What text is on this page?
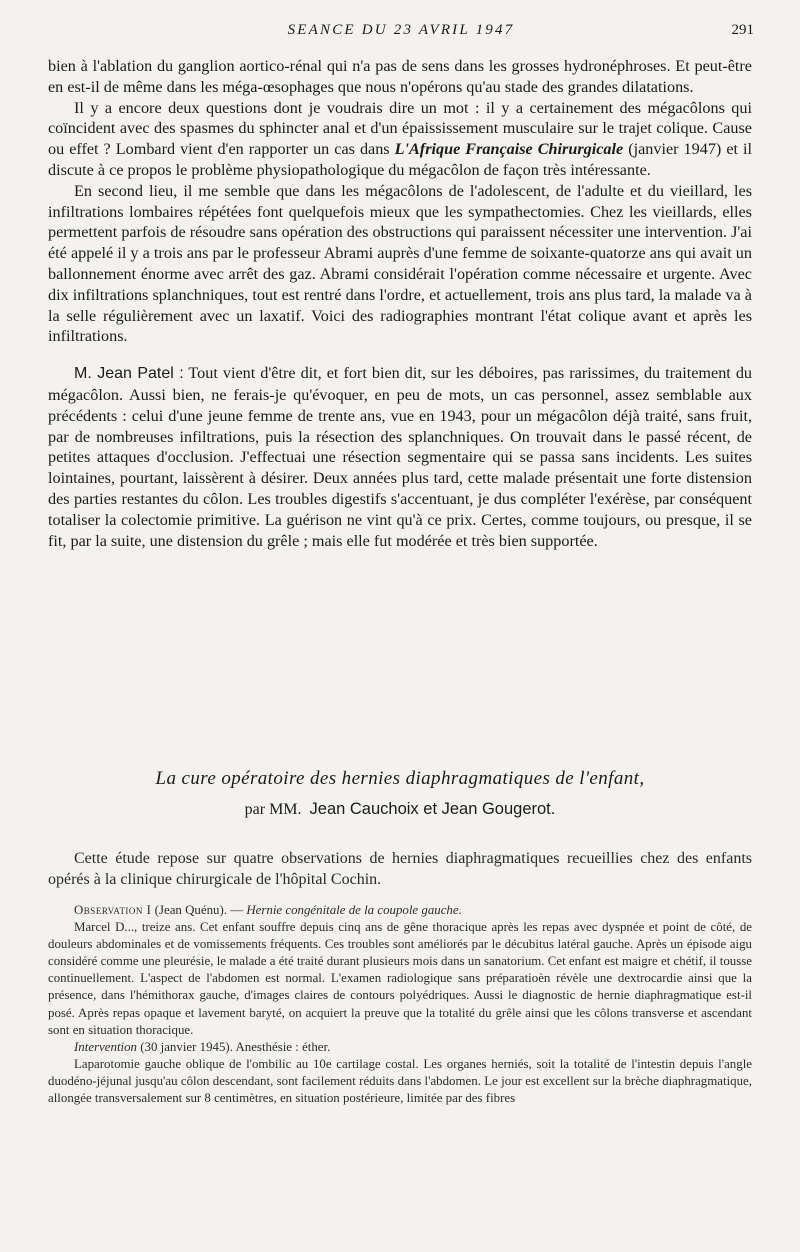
SEANCE DU 23 AVRIL 1947	291

bien à l'ablation du ganglion aortico-rénal qui n'a pas de sens dans les grosses hydronéphroses. Et peut-être en est-il de même dans les méga-œsophages que nous n'opérons qu'au stade des grandes dilatations.

Il y a encore deux questions dont je voudrais dire un mot : il y a certainement des mégacôlons qui coïncident avec des spasmes du sphincter anal et d'un épaississement musculaire sur le trajet colique. Cause ou effet ? Lombard vient d'en rapporter un cas dans L'Afrique Française Chirurgicale (janvier 1947) et il discute à ce propos le problème physiopathologique du mégacôlon de façon très intéressante.

En second lieu, il me semble que dans les mégacôlons de l'adolescent, de l'adulte et du vieillard, les infiltrations lombaires répétées font quelquefois mieux que les sympathectomies. Chez les vieillards, elles permettent parfois de résoudre sans opération des obstructions qui paraissent nécessiter une intervention. J'ai été appelé il y a trois ans par le professeur Abrami auprès d'une femme de soixante-quatorze ans qui avait un ballonnement énorme avec arrêt des gaz. Abrami considérait l'opération comme nécessaire et urgente. Avec dix infiltrations splanchniques, tout est rentré dans l'ordre, et actuellement, trois ans plus tard, la malade va à la selle régulièrement avec un laxatif. Voici des radiographies montrant l'état colique avant et après les infiltrations.

M. Jean Patel : Tout vient d'être dit, et fort bien dit, sur les déboires, pas rarissimes, du traitement du mégacôlon. Aussi bien, ne ferais-je qu'évoquer, en peu de mots, un cas personnel, assez semblable aux précédents : celui d'une jeune femme de trente ans, vue en 1943, pour un mégacôlon déjà traité, sans fruit, par de nombreuses infiltrations, puis la résection des splanchniques. On trouvait dans le passé récent, de petites attaques d'occlusion. J'effectuai une résection segmentaire qui se passa sans incidents. Les suites lointaines, pourtant, laissèrent à désirer. Deux années plus tard, cette malade présentait une forte distension des parties restantes du côlon. Les troubles digestifs s'accentuant, je dus compléter l'exérèse, par conséquent totaliser la colectomie primitive. La guérison ne vint qu'à ce prix. Certes, comme toujours, ou presque, il se fit, par la suite, une distension du grêle ; mais elle fut modérée et très bien supportée.

La cure opératoire des hernies diaphragmatiques de l'enfant,
par MM. Jean Cauchoix et Jean Gougerot.

Cette étude repose sur quatre observations de hernies diaphragmatiques recueillies chez des enfants opérés à la clinique chirurgicale de l'hôpital Cochin.

Observation I (Jean Quénu). — Hernie congénitale de la coupole gauche.

Marcel D..., treize ans. Cet enfant souffre depuis cinq ans de gêne thoracique après les repas avec dyspnée et point de côté, de douleurs abdominales et de vomissements fréquents. Ces troubles sont améliorés par le décubitus latéral gauche. Après un épisode aigu considéré comme une pleurésie, le malade a été traité durant plusieurs mois dans un sanatorium. Cet enfant est maigre et chétif, il tousse continuellement. L'aspect de l'abdomen est normal. L'examen radiologique sans préparatioèn révèle une dextrocardie ainsi que la présence, dans l'hémithorax gauche, d'images claires de contours polyédriques. Aussi le diagnostic de hernie diaphragmatique est-il posé. Après repas opaque et lavement baryté, on acquiert la preuve que la totalité du grêle ainsi que les côlons transverse et ascendant sont en situation thoracique.

Intervention (30 janvier 1945). Anesthésie : éther.

Laparotomie gauche oblique de l'ombilic au 10e cartilage costal. Les organes herniés, soit la totalité de l'intestin depuis l'angle duodéno-jéjunal jusqu'au côlon descendant, sont facilement réduits dans l'abdomen. Le jour est excellent sur la brèche diaphragmatique, allongée transversalement sur 8 centimètres, en situation postérieure, limitée par des fibres
